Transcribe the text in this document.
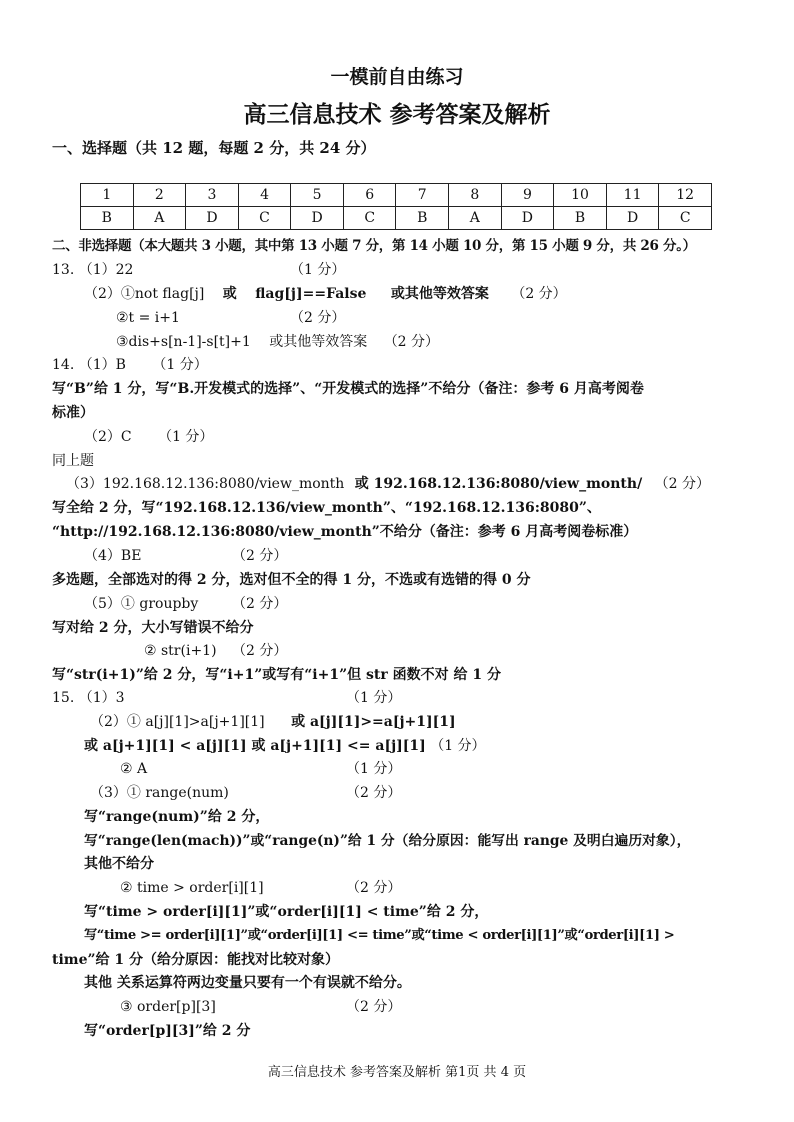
一模前自由练习
高三信息技术 参考答案及解析
一、选择题（共 12 题，每题 2 分，共 24 分）
1	2	3	4	5	6	7	8	9	10	11	12
B	A	D	C	D	C	B	A	D	B	D	C
二、非选择题（本大题共 3 小题，其中第 13 小题 7 分，第 14 小题 10 分，第 15 小题 9 分，共 26 分。）
13. （1）22	（1 分）
（2）①not flag[j] 或 flag[j]==False 或其他等效答案 （2 分）
②t = i+1	（2 分）
③dis+s[n-1]-s[t]+1 或其他等效答案 （2 分）
14. （1）B （1 分）
写“B”给 1 分，写“B.开发模式的选择”、“开发模式的选择”不给分（备注：参考 6 月高考阅卷
标准）
（2）C （1 分）
同上题
（3）192.168.12.136:8080/view_month 或 192.168.12.136:8080/view_month/ （2 分）
写全给 2 分，写“192.168.12.136/view_month”、“192.168.12.136:8080”、
“http://192.168.12.136:8080/view_month”不给分（备注：参考 6 月高考阅卷标准）
（4）BE	（2 分）
多选题，全部选对的得 2 分，选对但不全的得 1 分，不选或有选错的得 0 分
（5）① groupby （2 分）
写对给 2 分，大小写错误不给分
② str(i+1) （2 分）
写“str(i+1)”给 2 分，写“i+1”或写有“i+1”但 str 函数不对 给 1 分
15. （1）3	（1 分）
（2）① a[j][1]>a[j+1][1] 或 a[j][1]>=a[j+1][1]
或 a[j+1][1] < a[j][1] 或 a[j+1][1] <= a[j][1] （1 分）
② A	（1 分）
（3）① range(num)	（2 分）
写“range(num)”给 2 分，
写“range(len(mach))”或“range(n)”给 1 分（给分原因：能写出 range 及明白遍历对象），
其他不给分
② time > order[i][1]	（2 分）
写“time > order[i][1]”或“order[i][1] < time”给 2 分，
写“time >= order[i][1]”或“order[i][1] <= time”或“time < order[i][1]”或“order[i][1] >
time”给 1 分（给分原因：能找对比较对象）
其他 关系运算符两边变量只要有一个有误就不给分。
③ order[p][3]	（2 分）
写“order[p][3]”给 2 分
高三信息技术 参考答案及解析 第1页 共 4 页
